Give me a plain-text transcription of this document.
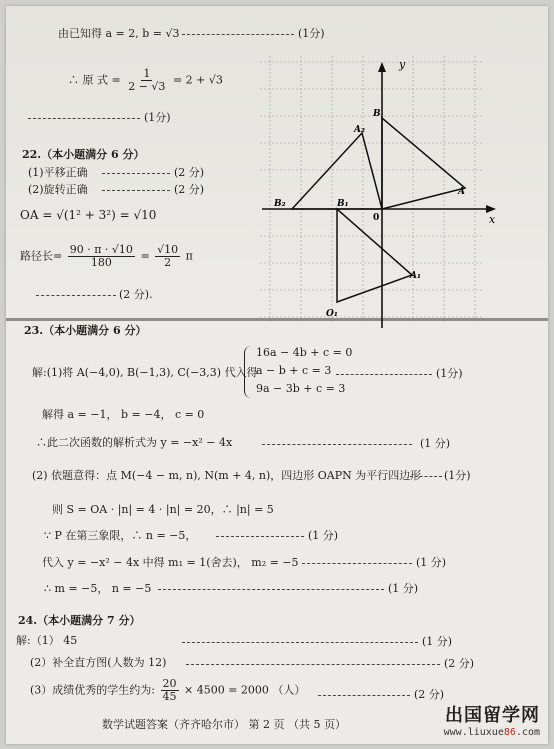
由已知得 a = 2, b = √3	(1分)
∴ 原 式 = $\frac{1}{2 - √3} = 2 + √3$
(1分)
22.（本小题满分 6 分）
(1)平移正确	(2 分)
(2)旋转正确	(2 分)
OA = √(1² + 3²) = √10
路径长= $\frac{90 \cdot \pi \cdot √10}{180} = \frac{√10}{2}$ π
(2 分).
y
x
0
B
A
A₂
B₂	B₁
A₁
O₁
23.（本小题满分 6 分）
解:(1)将 A(−4,0), B(−1,3), C(−3,3) 代入得
16a − 4b + c = 0
a − b + c = 3
9a − 3b + c = 3
(1分)
解得 a = −1， b = −4， c = 0
∴此二次函数的解析式为 y = −x² − 4x	(1 分)
(2) 依题意得：点 M(−4 − m, n), N(m + 4, n)，四边形 OAPN 为平行四边形 (1分)
则 S = OA · |n| = 4 · |n| = 20，∴ |n| = 5
∵ P 在第三象限，∴ n = −5，	(1 分)
代入 y = −x² − 4x 中得 m₁ = 1(舍去)， m₂ = −5	(1 分)
∴ m = −5， n = −5	(1 分)
24.（本小题满分 7 分）
解:（1） 45	(1 分)
(2）补全直方图(人数为 12)	(2 分)
(3）成绩优秀的学生约为: $\frac{20}{45} \times 4500 = 2000$ （人）	(2 分)
数学试题答案（齐齐哈尔市） 第 2 页 （共 5 页）	出国留学网
www.liuxue86.com
